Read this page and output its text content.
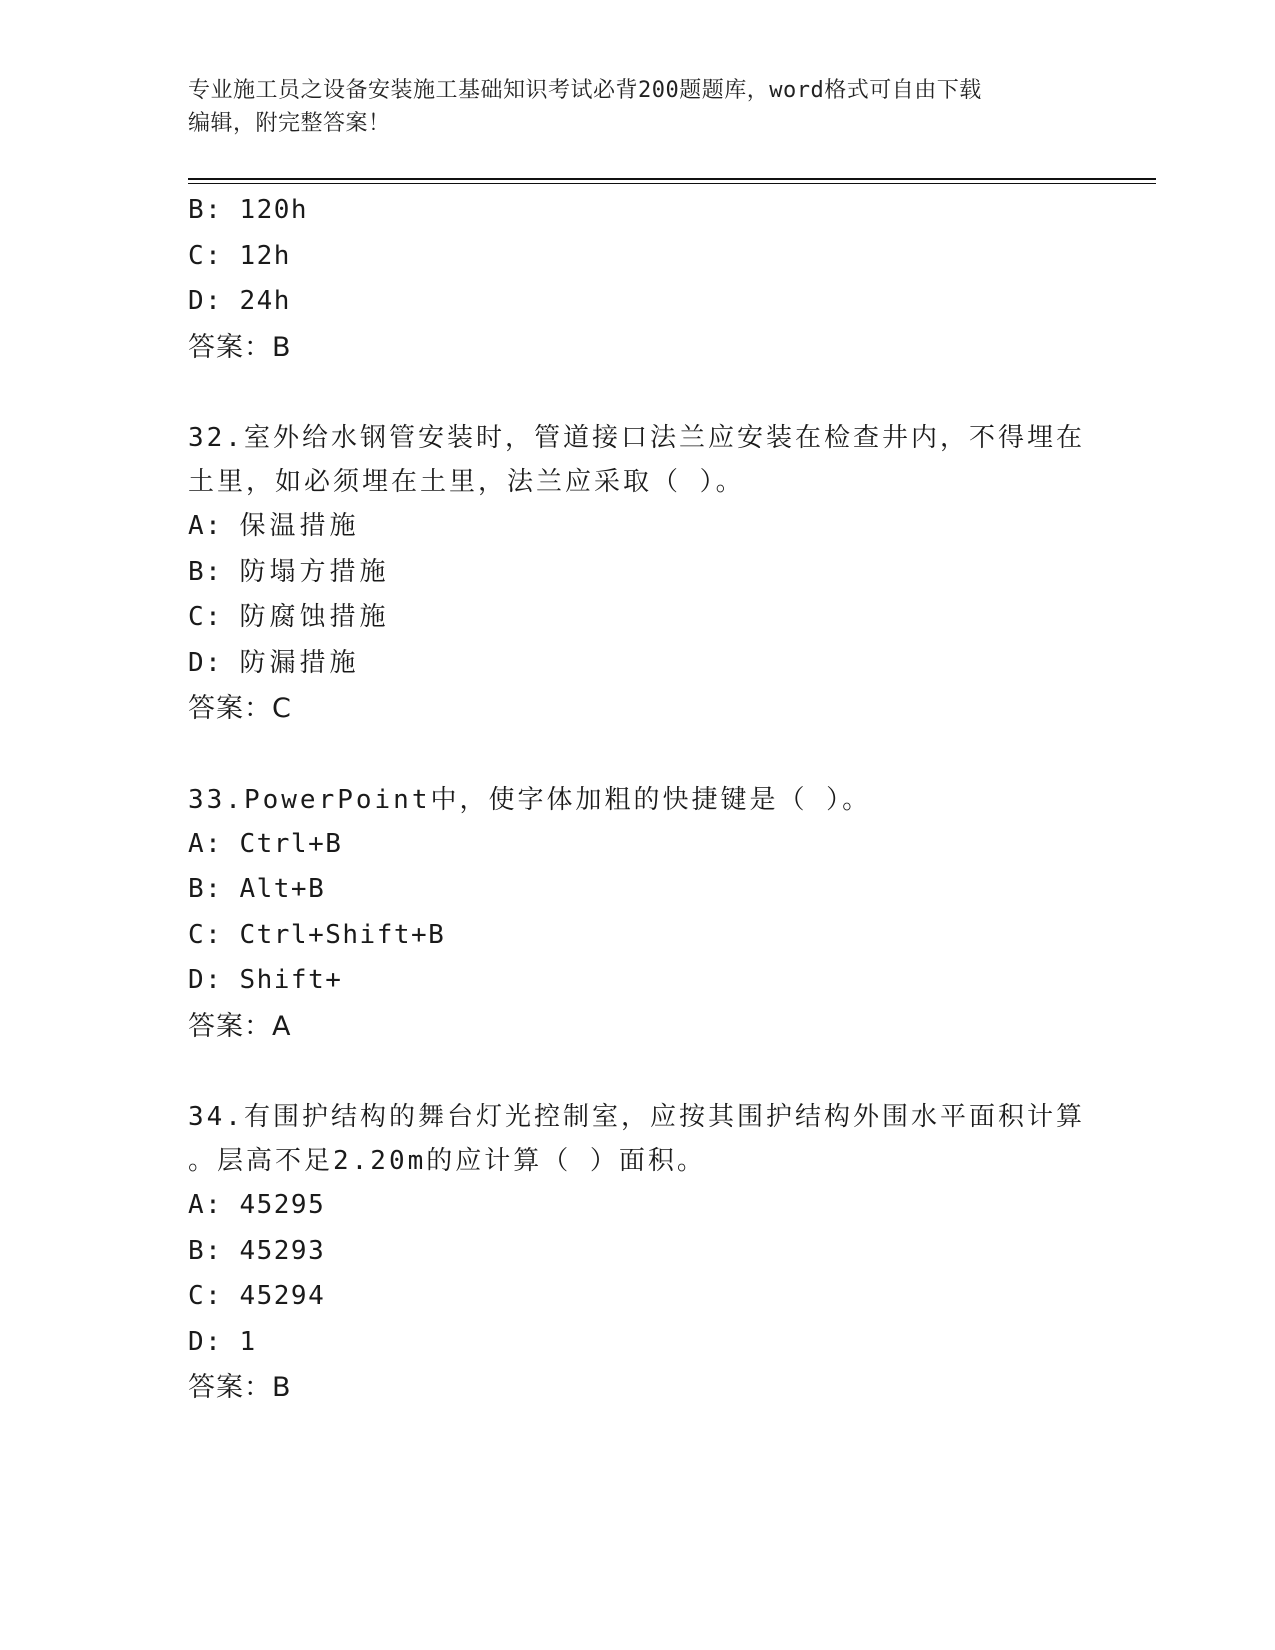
专业施工员之设备安装施工基础知识考试必背200题题库，word格式可自由下载
编辑，附完整答案！
B: 120h
C: 12h
D: 24h
答案：B
32.室外给水钢管安装时，管道接口法兰应安装在检查井内，不得埋在
土里，如必须埋在土里，法兰应采取（ ）。
A: 保温措施
B: 防塌方措施
C: 防腐蚀措施
D: 防漏措施
答案：C
33.PowerPoint中，使字体加粗的快捷键是（ ）。
A: Ctrl+B
B: Alt+B
C: Ctrl+Shift+B
D: Shift+
答案：A
34.有围护结构的舞台灯光控制室，应按其围护结构外围水平面积计算
。层高不足2.20m的应计算（ ）面积。
A: 45295
B: 45293
C: 45294
D: 1
答案：B
